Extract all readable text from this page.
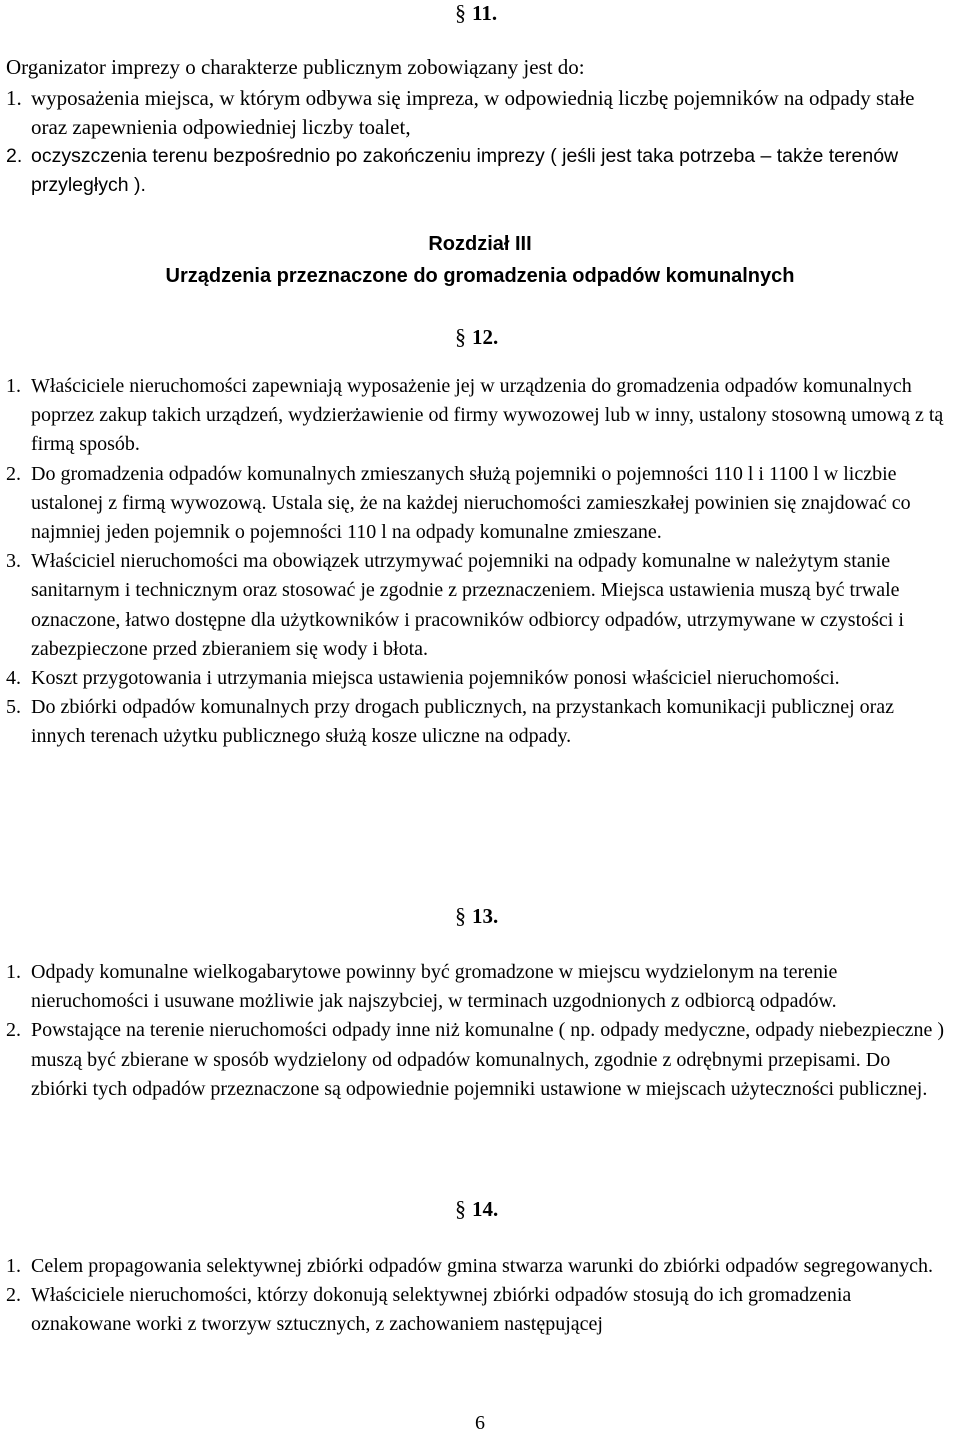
§ 11.
Organizator imprezy o charakterze publicznym zobowiązany jest do:
1. wyposażenia miejsca, w którym odbywa się impreza, w odpowiednią liczbę pojemników na odpady stałe oraz zapewnienia odpowiedniej liczby toalet,
2. oczyszczenia terenu bezpośrednio po zakończeniu imprezy ( jeśli jest taka potrzeba – także terenów przyległych ).
Rozdział III
Urządzenia przeznaczone do gromadzenia odpadów komunalnych
§ 12.
1. Właściciele nieruchomości zapewniają wyposażenie jej w urządzenia do gromadzenia odpadów komunalnych poprzez zakup takich urządzeń, wydzierżawienie od firmy wywozowej lub w inny, ustalony stosowną umową z tą firmą sposób.
2. Do gromadzenia odpadów komunalnych zmieszanych służą pojemniki o pojemności 110 l i 1100 l w liczbie ustalonej z firmą wywozową. Ustala się, że na każdej nieruchomości zamieszkałej powinien się znajdować co najmniej jeden pojemnik o pojemności 110 l na odpady komunalne zmieszane.
3. Właściciel nieruchomości ma obowiązek utrzymywać pojemniki na odpady komunalne w należytym stanie sanitarnym i technicznym oraz stosować je zgodnie z przeznaczeniem. Miejsca ustawienia muszą być trwale oznaczone, łatwo dostępne dla użytkowników i pracowników odbiorcy odpadów, utrzymywane w czystości i zabezpieczone przed zbieraniem się wody i błota.
4. Koszt przygotowania i utrzymania miejsca ustawienia pojemników ponosi właściciel nieruchomości.
5. Do zbiórki odpadów komunalnych przy drogach publicznych, na przystankach komunikacji publicznej oraz innych terenach użytku publicznego służą kosze uliczne na odpady.
§ 13.
1. Odpady komunalne wielkogabarytowe powinny być gromadzone w miejscu wydzielonym na terenie nieruchomości i usuwane możliwie jak najszybciej, w terminach uzgodnionych z odbiorcą odpadów.
2. Powstające na terenie nieruchomości odpady inne niż komunalne ( np. odpady medyczne, odpady niebezpieczne ) muszą być zbierane w sposób wydzielony od odpadów komunalnych, zgodnie z odrębnymi przepisami. Do zbiórki tych odpadów przeznaczone są odpowiednie pojemniki ustawione w miejscach użyteczności publicznej.
§ 14.
1. Celem propagowania selektywnej zbiórki odpadów gmina stwarza warunki do zbiórki odpadów segregowanych.
2. Właściciele nieruchomości, którzy dokonują selektywnej zbiórki odpadów stosują do ich gromadzenia oznakowane worki z tworzyw sztucznych, z zachowaniem następującej
6
